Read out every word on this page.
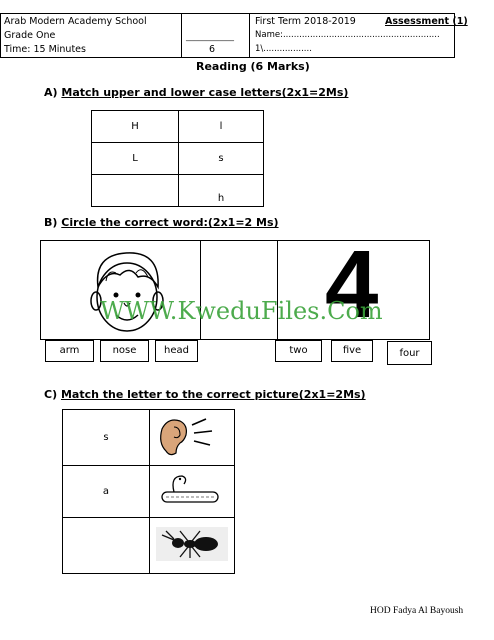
Arab Modern Academy School
Grade One
Time: 15 Minutes
____________
6
First Term 2018-2019	Assessment (1)
Name:..........................................................
1\..................
Reading (6 Marks)
A) Match upper and lower case letters(2x1=2Ms)
H	l
L	s
	h
B) Circle the correct word:(2x1=2 Ms)
4
WWW.KweduFiles.Com
arm	nose	head	two	five	four
C) Match the letter to the correct picture(2x1=2Ms)
s	
a	

HOD Fadya Al Bayoush
